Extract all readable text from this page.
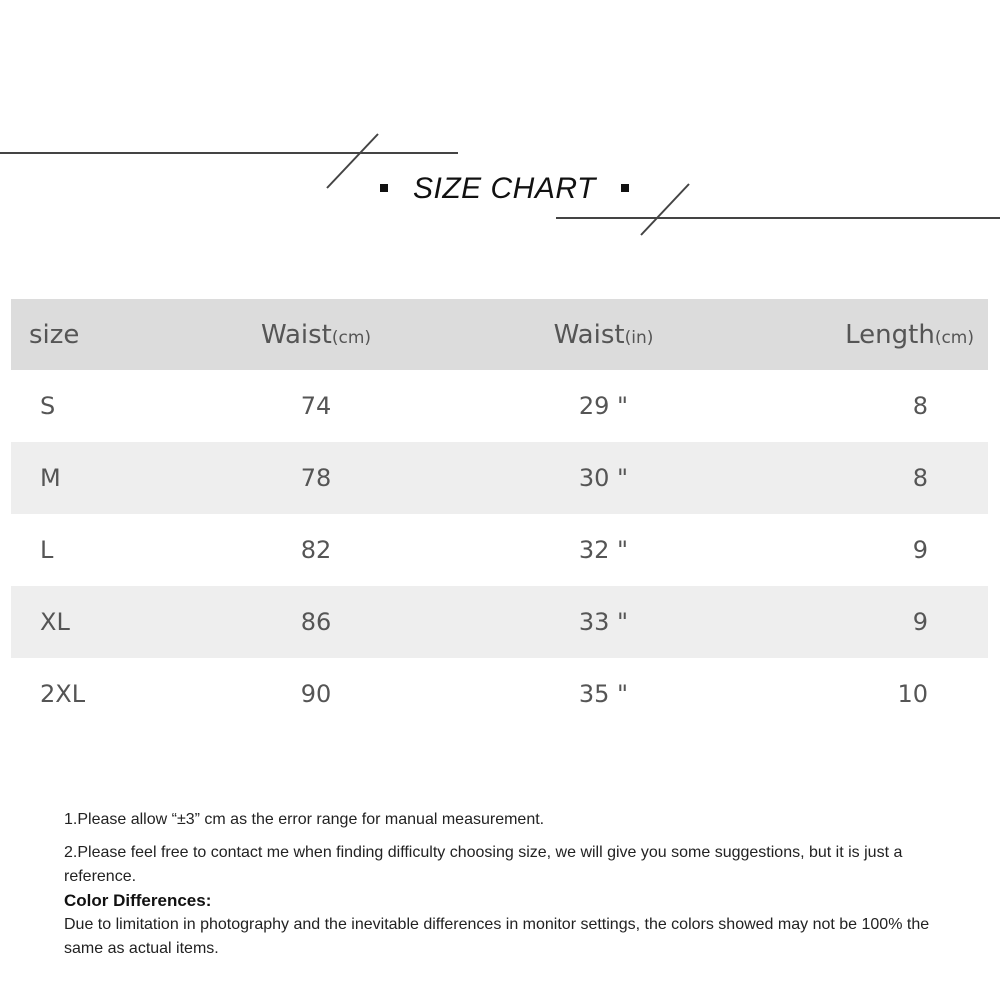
SIZE CHART
size	Waist(cm)	Waist(in)	Length(cm)
S	74	29 "	8
M	78	30 "	8
L	82	32 "	9
XL	86	33 "	9
2XL	90	35 "	10

1.Please allow “±3” cm as the error range for manual measurement.

2.Please feel free to contact me when finding difficulty choosing size, we will give you some suggestions, but it is just a reference.

Color Differences:

Due to limitation in photography and the inevitable differences in monitor settings, the colors showed may not be 100% the same as actual items.
